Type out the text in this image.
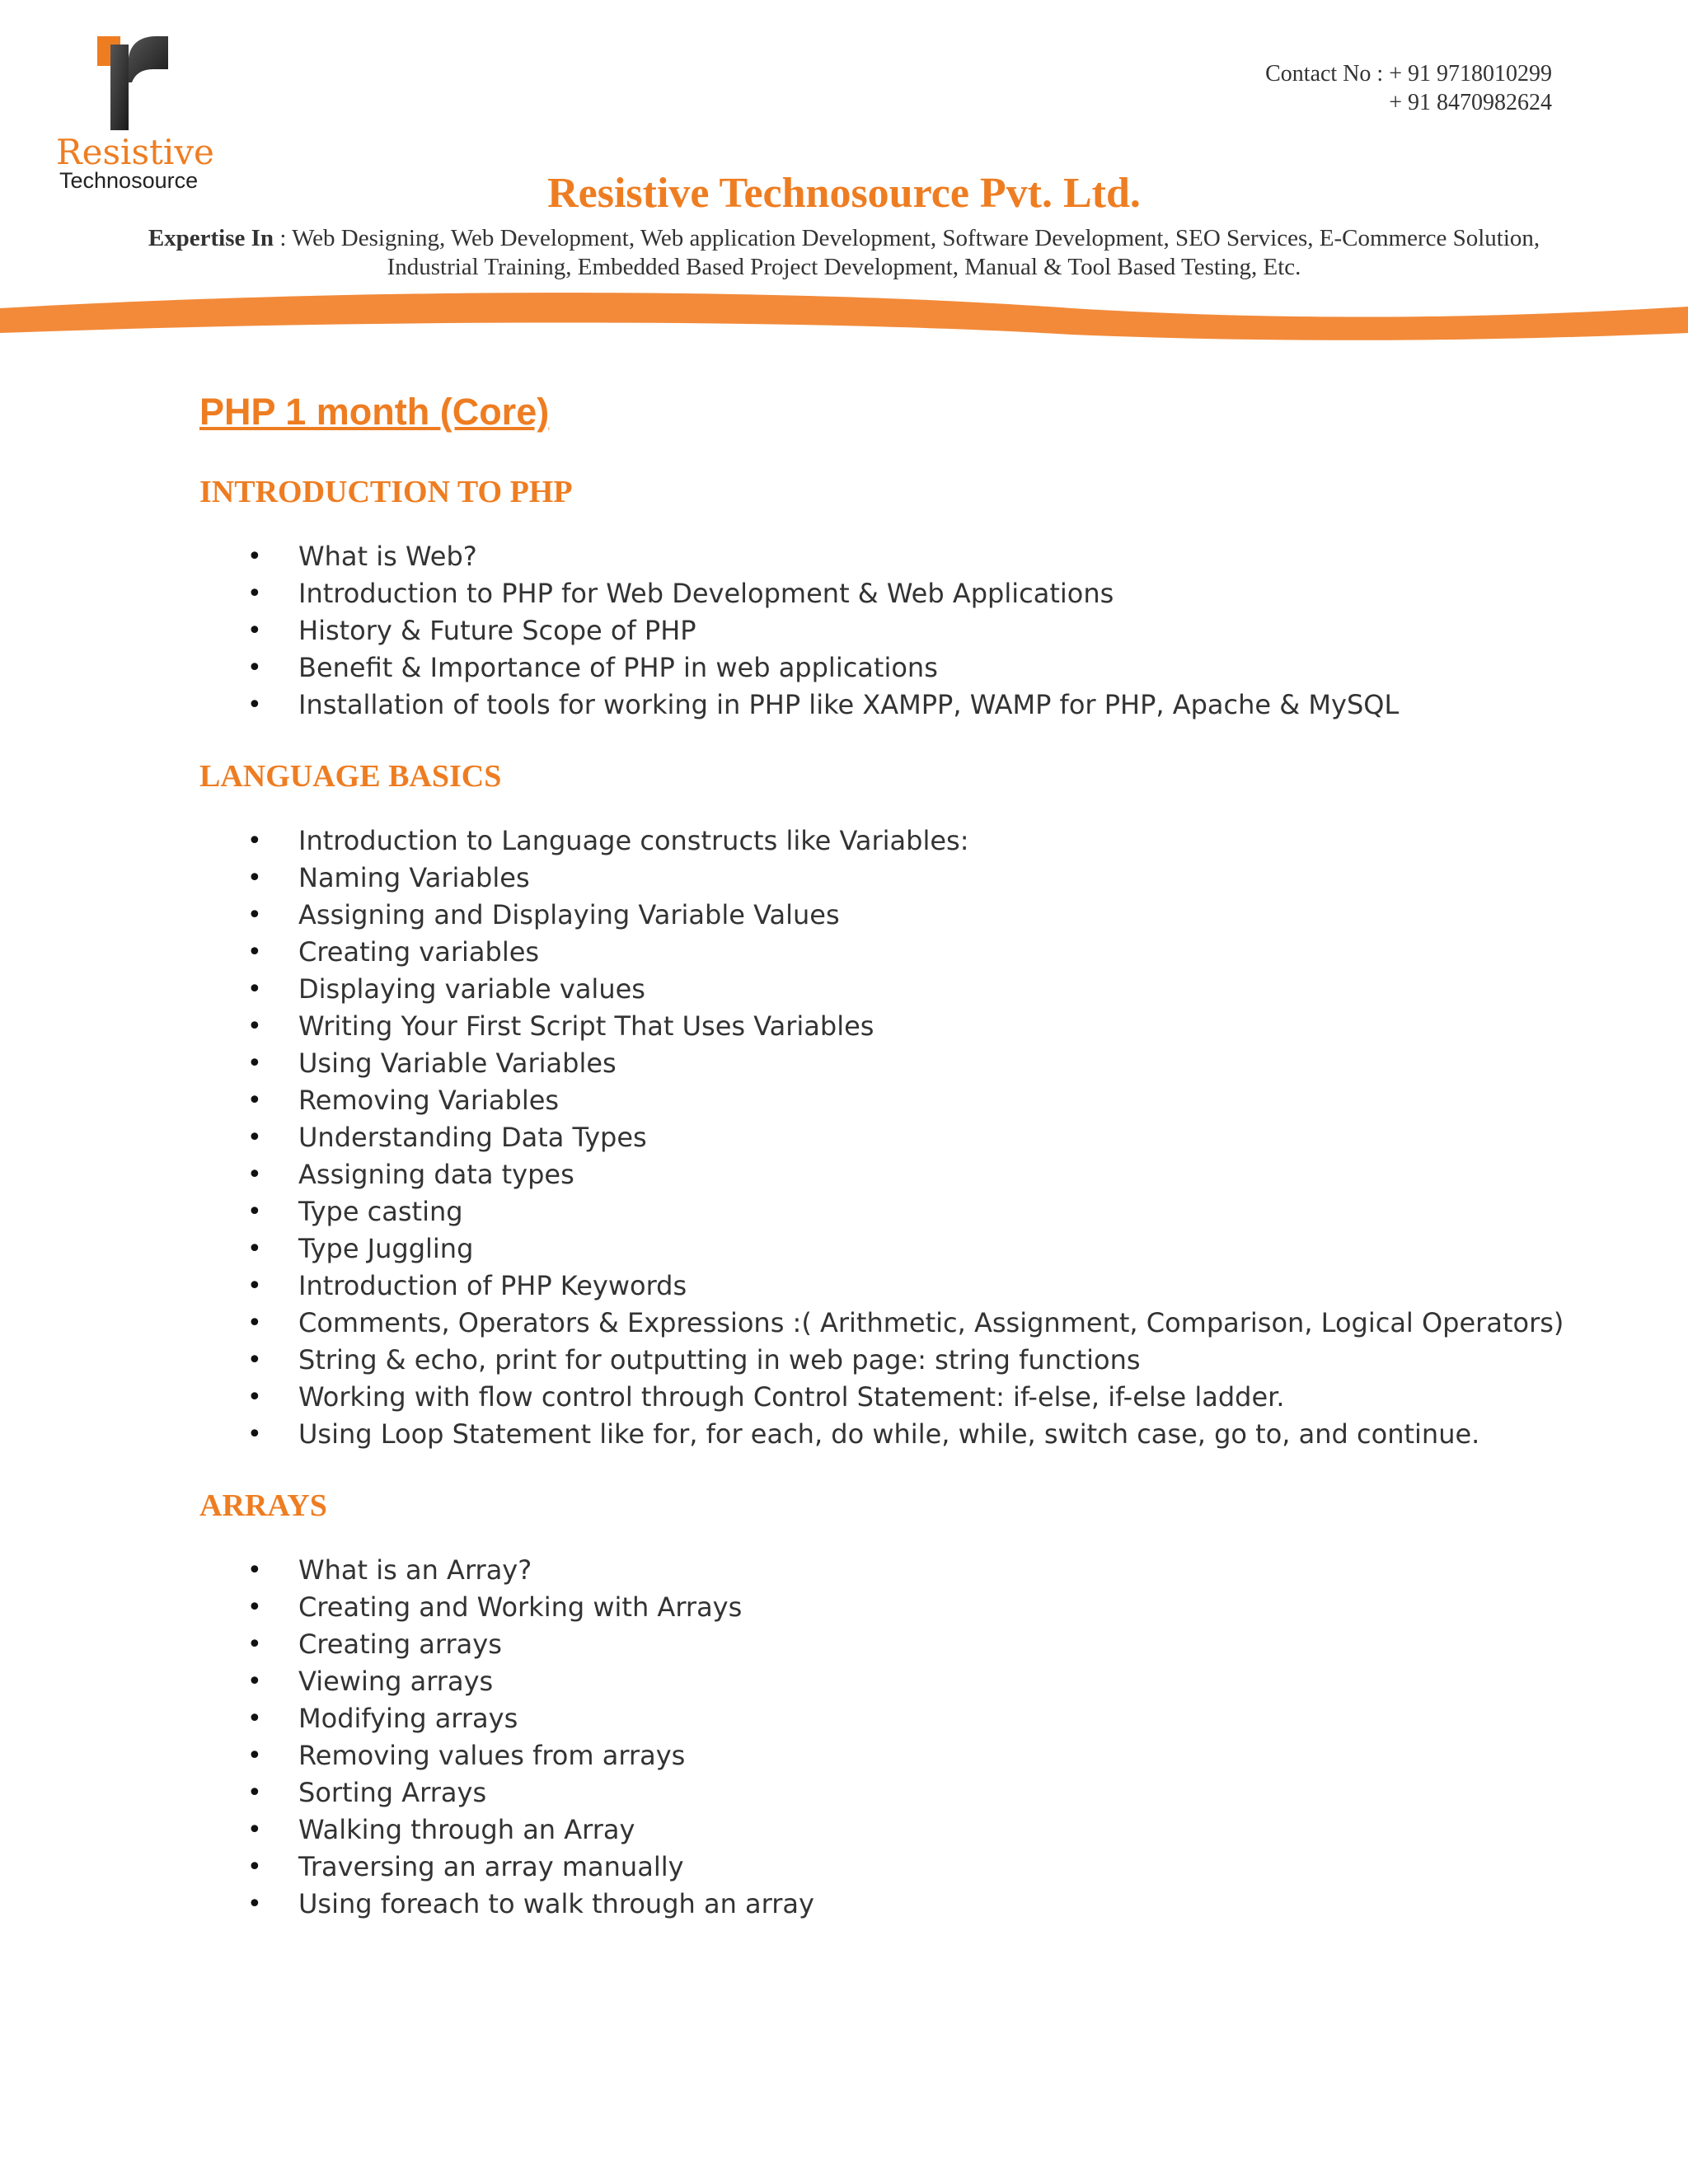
Resistive
Technosource
Contact No : + 91 9718010299
+ 91 8470982624
Resistive Technosource Pvt. Ltd.
Expertise In : Web Designing, Web Development, Web application Development, Software Development, SEO Services, E-Commerce Solution,
Industrial Training, Embedded Based Project Development, Manual & Tool Based Testing, Etc.
PHP 1 month (Core)
INTRODUCTION TO PHP
• What is Web?
• Introduction to PHP for Web Development & Web Applications
• History & Future Scope of PHP
• Benefit & Importance of PHP in web applications
• Installation of tools for working in PHP like XAMPP, WAMP for PHP, Apache & MySQL
LANGUAGE BASICS
• Introduction to Language constructs like Variables:
• Naming Variables
• Assigning and Displaying Variable Values
• Creating variables
• Displaying variable values
• Writing Your First Script That Uses Variables
• Using Variable Variables
• Removing Variables
• Understanding Data Types
• Assigning data types
• Type casting
• Type Juggling
• Introduction of PHP Keywords
• Comments, Operators & Expressions :( Arithmetic, Assignment, Comparison, Logical Operators)
• String & echo, print for outputting in web page: string functions
• Working with flow control through Control Statement: if-else, if-else ladder.
• Using Loop Statement like for, for each, do while, while, switch case, go to, and continue.
ARRAYS
• What is an Array?
• Creating and Working with Arrays
• Creating arrays
• Viewing arrays
• Modifying arrays
• Removing values from arrays
• Sorting Arrays
• Walking through an Array
• Traversing an array manually
• Using foreach to walk through an array
